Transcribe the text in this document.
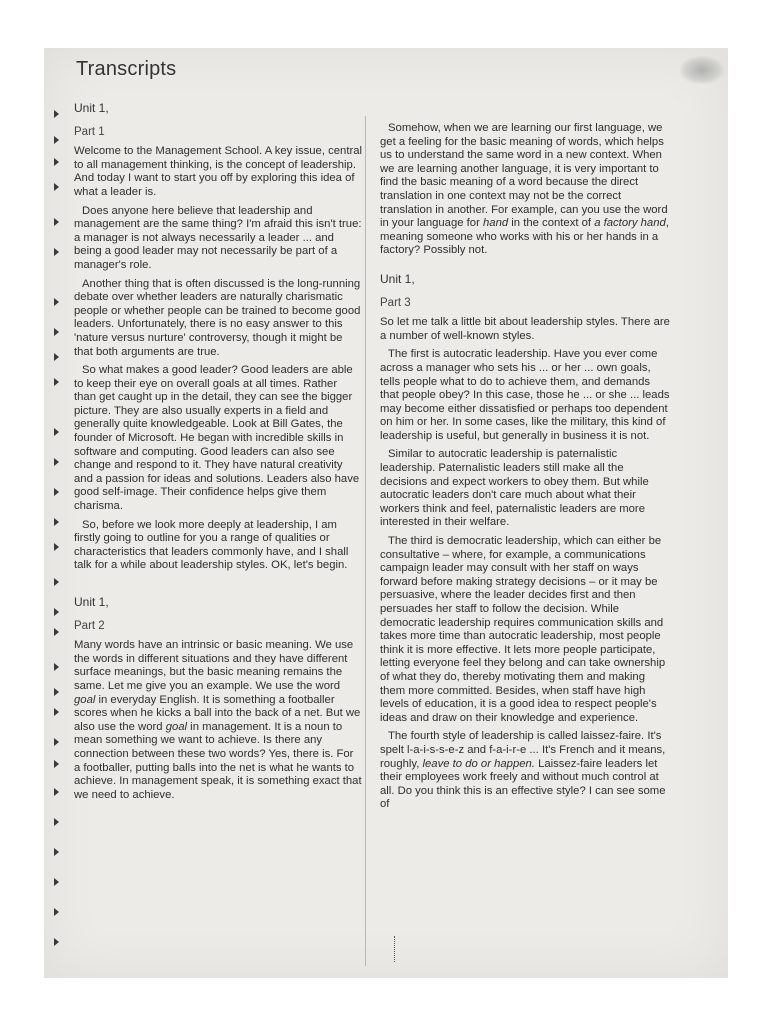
Transcripts
Unit 1,
Part 1

Welcome to the Management School. A key issue, central to all management thinking, is the concept of leadership. And today I want to start you off by exploring this idea of what a leader is.

Does anyone here believe that leadership and management are the same thing? I'm afraid this isn't true: a manager is not always necessarily a leader ... and being a good leader may not necessarily be part of a manager's role.

Another thing that is often discussed is the long-running debate over whether leaders are naturally charismatic people or whether people can be trained to become good leaders. Unfortunately, there is no easy answer to this 'nature versus nurture' controversy, though it might be that both arguments are true.

So what makes a good leader? Good leaders are able to keep their eye on overall goals at all times. Rather than get caught up in the detail, they can see the bigger picture. They are also usually experts in a field and generally quite knowledgeable. Look at Bill Gates, the founder of Microsoft. He began with incredible skills in software and computing. Good leaders can also see change and respond to it. They have natural creativity and a passion for ideas and solutions. Leaders also have good self-image. Their confidence helps give them charisma.

So, before we look more deeply at leadership, I am firstly going to outline for you a range of qualities or characteristics that leaders commonly have, and I shall talk for a while about leadership styles. OK, let's begin.

Unit 1,
Part 2

Many words have an intrinsic or basic meaning. We use the words in different situations and they have different surface meanings, but the basic meaning remains the same. Let me give you an example. We use the word goal in everyday English. It is something a footballer scores when he kicks a ball into the back of a net. But we also use the word goal in management. It is a noun to mean something we want to achieve. Is there any connection between these two words? Yes, there is. For a footballer, putting balls into the net is what he wants to achieve. In management speak, it is something exact that we need to achieve.

Somehow, when we are learning our first language, we get a feeling for the basic meaning of words, which helps us to understand the same word in a new context. When we are learning another language, it is very important to find the basic meaning of a word because the direct translation in one context may not be the correct translation in another. For example, can you use the word in your language for hand in the context of a factory hand, meaning someone who works with his or her hands in a factory? Possibly not.

Unit 1,
Part 3

So let me talk a little bit about leadership styles. There are a number of well-known styles.

The first is autocratic leadership. Have you ever come across a manager who sets his ... or her ... own goals, tells people what to do to achieve them, and demands that people obey? In this case, those he ... or she ... leads may become either dissatisfied or perhaps too dependent on him or her. In some cases, like the military, this kind of leadership is useful, but generally in business it is not.

Similar to autocratic leadership is paternalistic leadership. Paternalistic leaders still make all the decisions and expect workers to obey them. But while autocratic leaders don't care much about what their workers think and feel, paternalistic leaders are more interested in their welfare.

The third is democratic leadership, which can either be consultative – where, for example, a communications campaign leader may consult with her staff on ways forward before making strategy decisions – or it may be persuasive, where the leader decides first and then persuades her staff to follow the decision. While democratic leadership requires communication skills and takes more time than autocratic leadership, most people think it is more effective. It lets more people participate, letting everyone feel they belong and can take ownership of what they do, thereby motivating them and making them more committed. Besides, when staff have high levels of education, it is a good idea to respect people's ideas and draw on their knowledge and experience.

The fourth style of leadership is called laissez-faire. It's spelt l-a-i-s-s-e-z and f-a-i-r-e ... It's French and it means, roughly, leave to do or happen. Laissez-faire leaders let their employees work freely and without much control at all. Do you think this is an effective style? I can see some of
